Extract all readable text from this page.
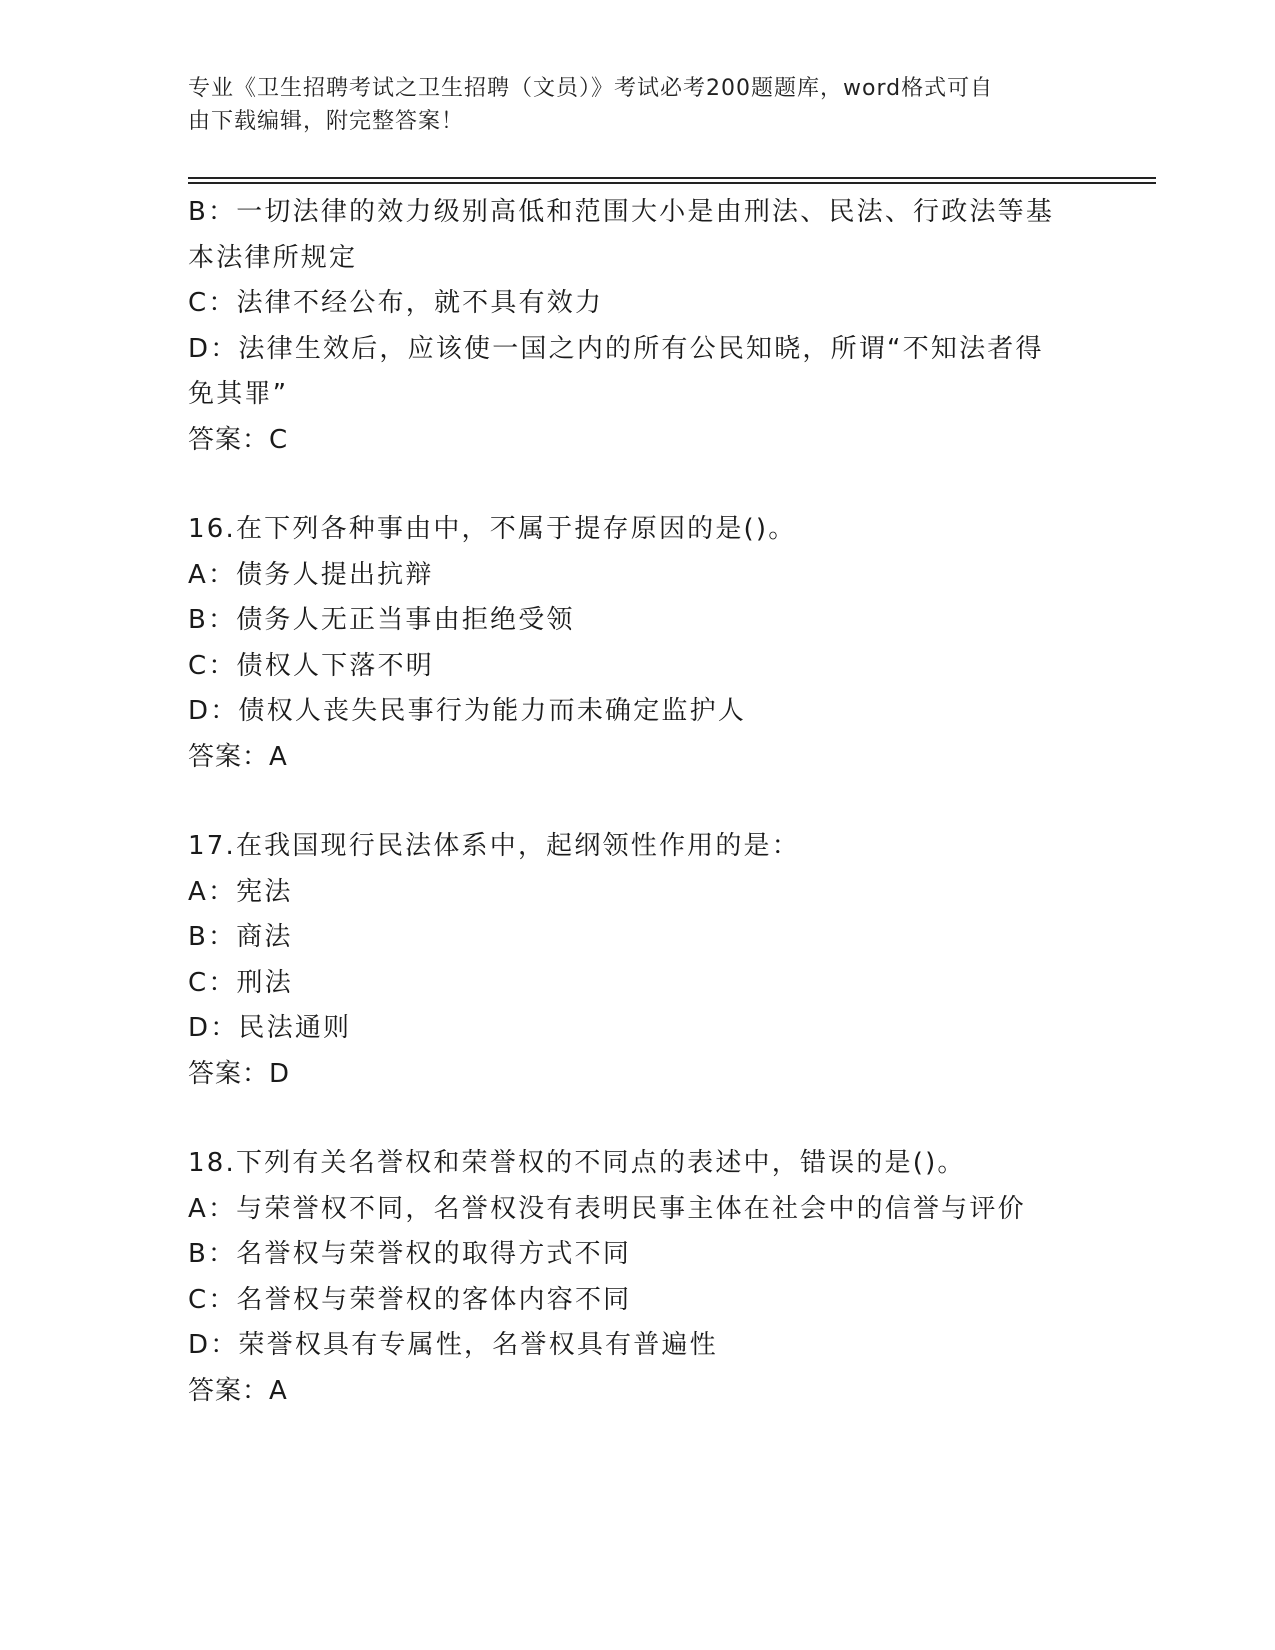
专业《卫生招聘考试之卫生招聘（文员）》考试必考200题题库，word格式可自
由下载编辑，附完整答案！
B：一切法律的效力级别高低和范围大小是由刑法、民法、行政法等基
本法律所规定
C：法律不经公布，就不具有效力
D：法律生效后，应该使一国之内的所有公民知晓，所谓“不知法者得
免其罪”
答案：C
16.在下列各种事由中，不属于提存原因的是()。
A：债务人提出抗辩
B：债务人无正当事由拒绝受领
C：债权人下落不明
D：债权人丧失民事行为能力而未确定监护人
答案：A
17.在我国现行民法体系中，起纲领性作用的是：
A：宪法
B：商法
C：刑法
D：民法通则
答案：D
18.下列有关名誉权和荣誉权的不同点的表述中，错误的是()。
A：与荣誉权不同，名誉权没有表明民事主体在社会中的信誉与评价
B：名誉权与荣誉权的取得方式不同
C：名誉权与荣誉权的客体内容不同
D：荣誉权具有专属性，名誉权具有普遍性
答案：A
